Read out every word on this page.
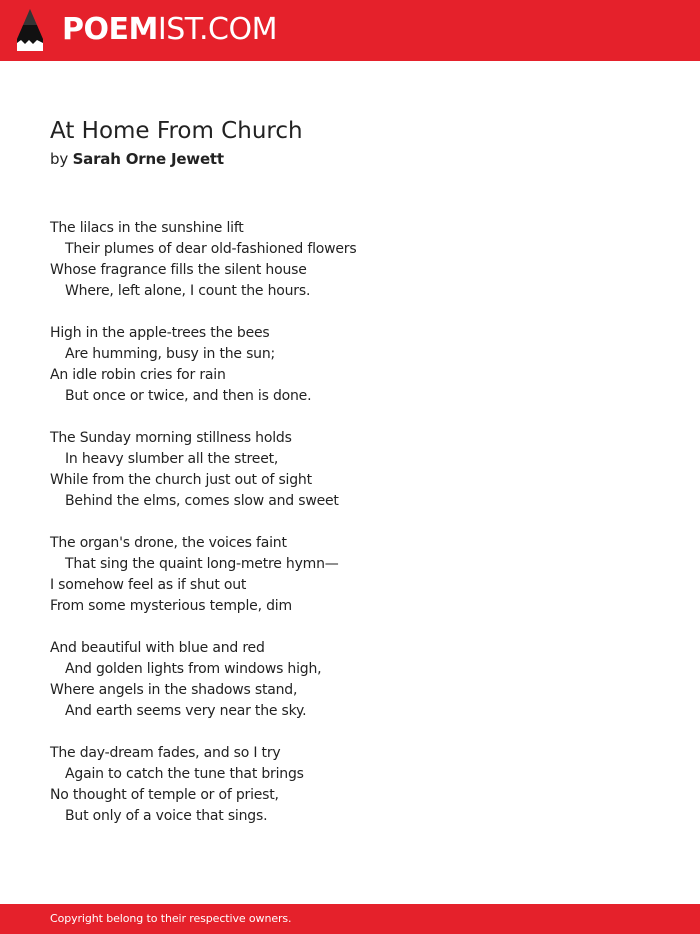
POEMIST.COM
At Home From Church
by Sarah Orne Jewett
The lilacs in the sunshine lift
Their plumes of dear old-fashioned flowers
Whose fragrance fills the silent house
Where, left alone, I count the hours.
High in the apple-trees the bees
Are humming, busy in the sun;
An idle robin cries for rain
But once or twice, and then is done.
The Sunday morning stillness holds
In heavy slumber all the street,
While from the church just out of sight
Behind the elms, comes slow and sweet
The organ's drone, the voices faint
That sing the quaint long-metre hymn—
I somehow feel as if shut out
From some mysterious temple, dim
And beautiful with blue and red
And golden lights from windows high,
Where angels in the shadows stand,
And earth seems very near the sky.
The day-dream fades, and so I try
Again to catch the tune that brings
No thought of temple or of priest,
But only of a voice that sings.
Copyright belong to their respective owners.
